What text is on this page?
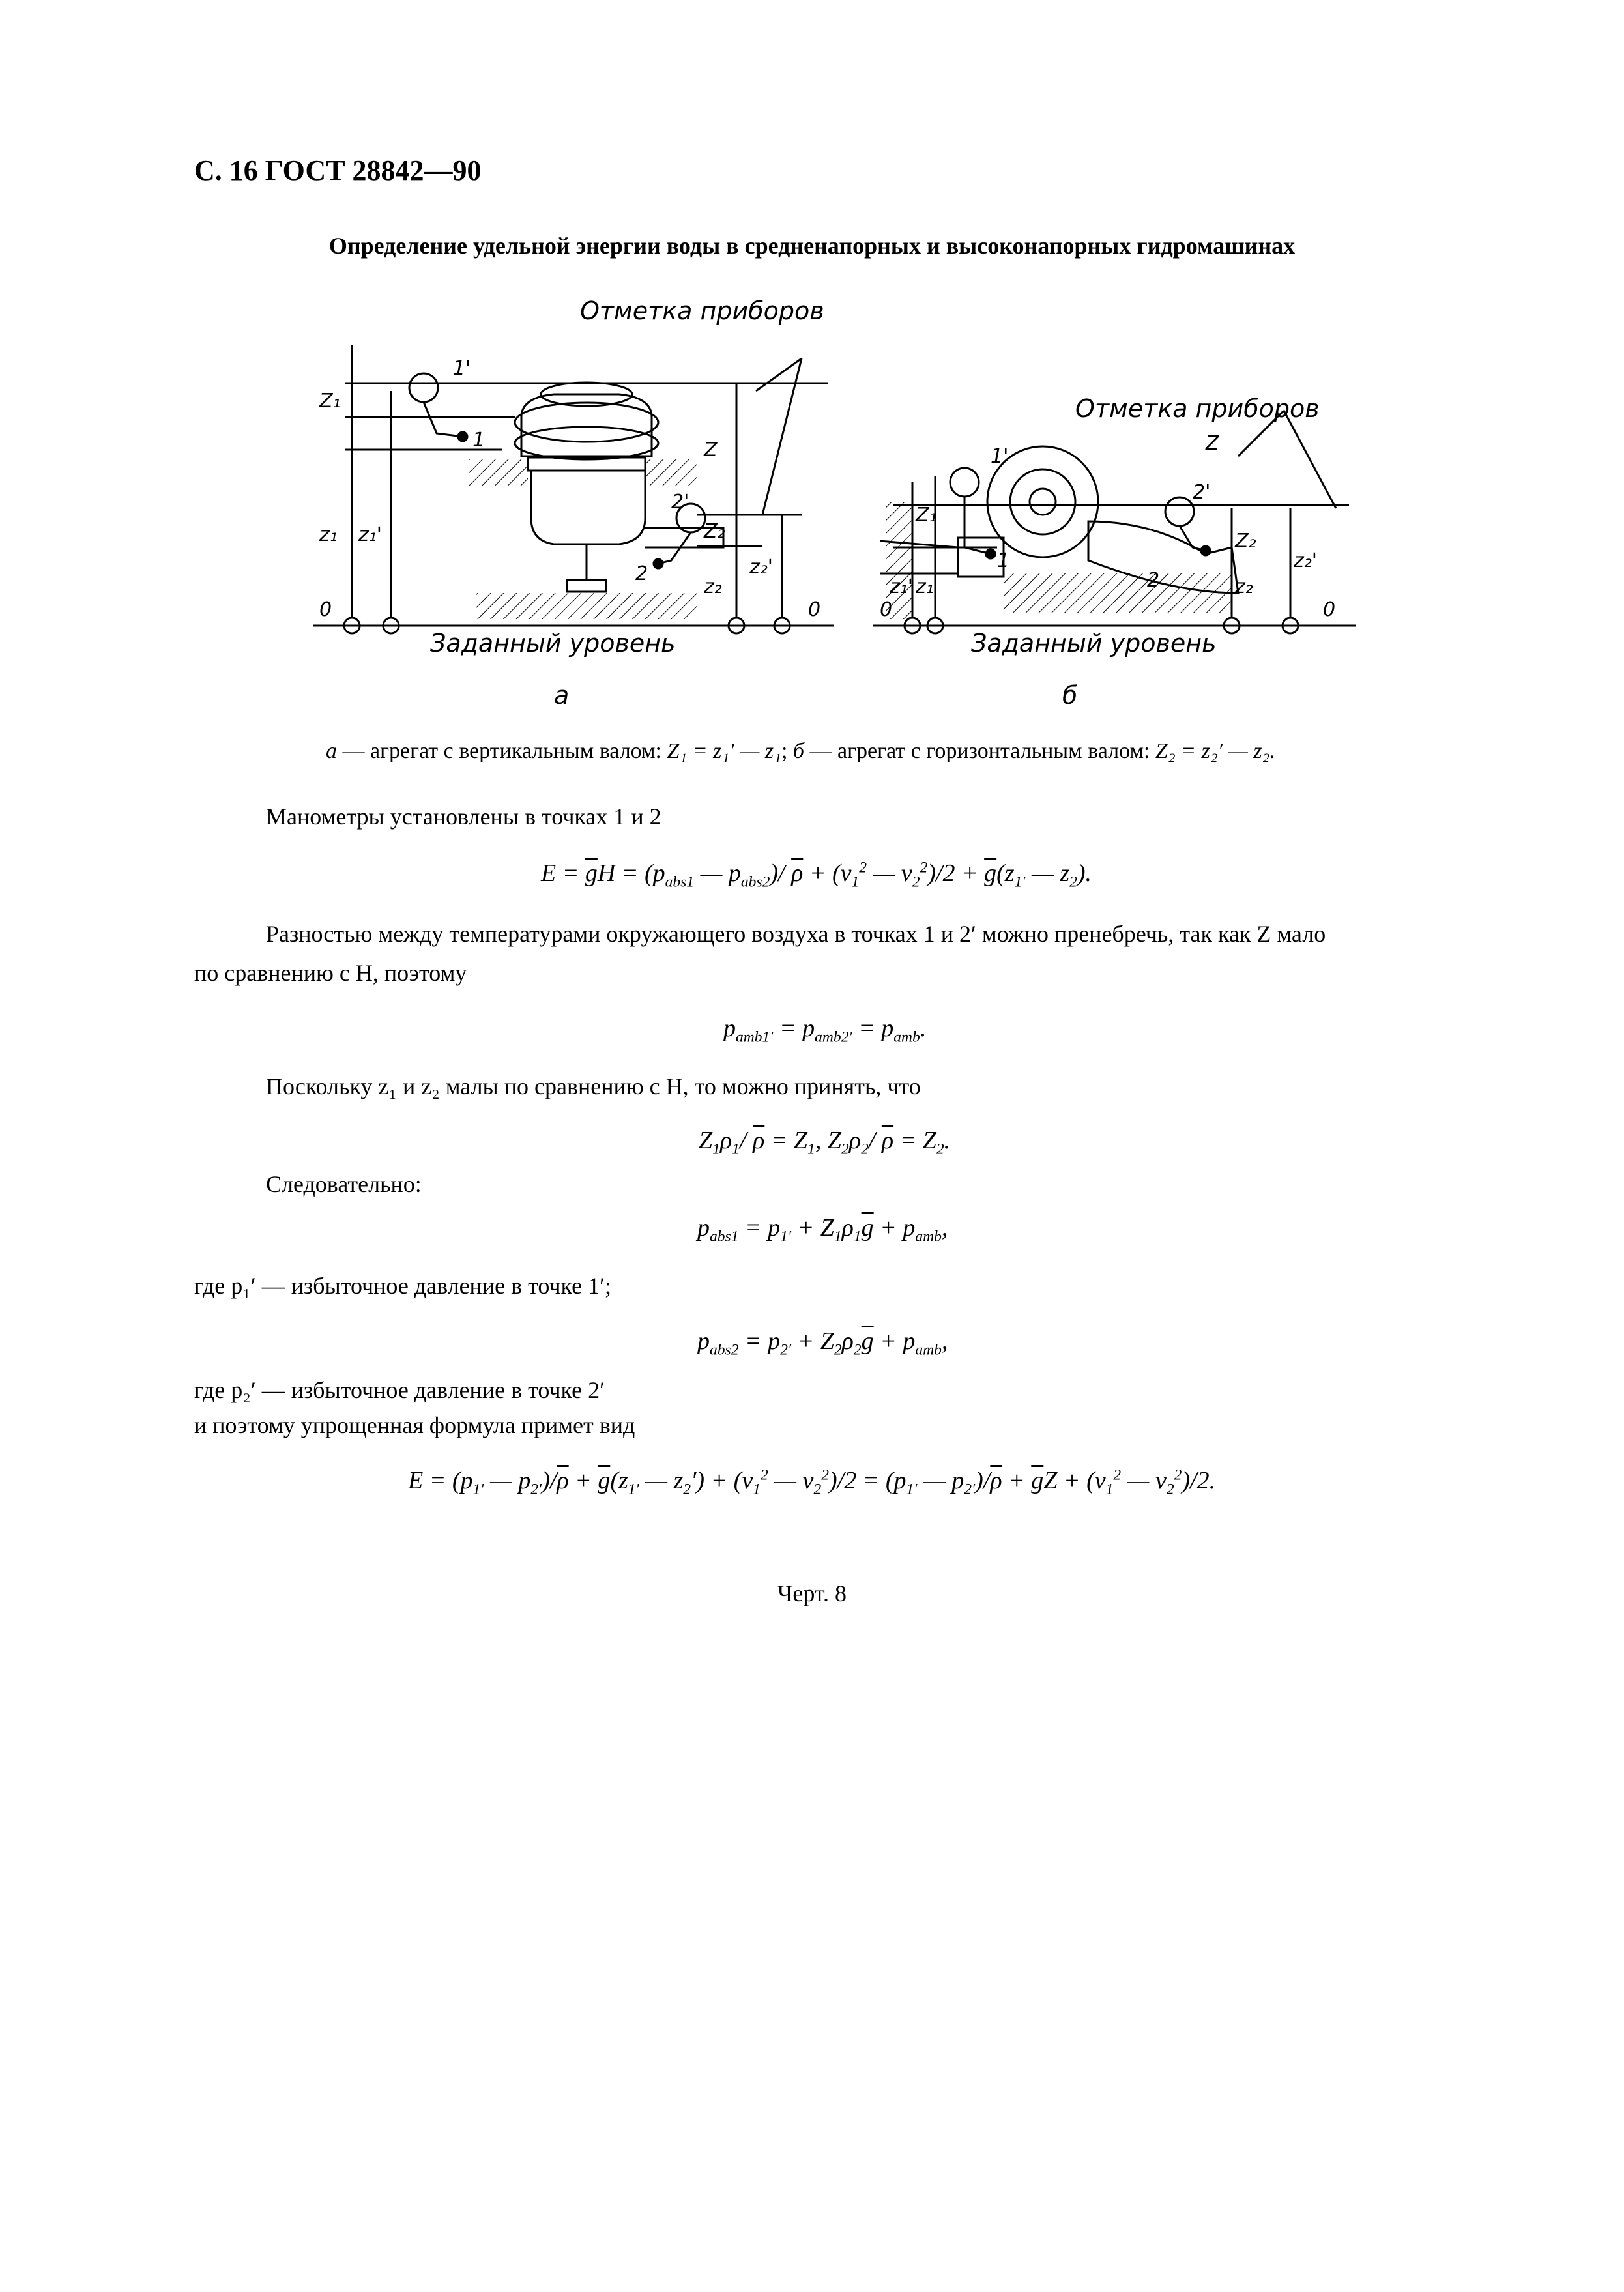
С. 16 ГОСТ 28842—90
Определение удельной энергии воды в средненапорных и высоконапорных гидромашинах
Отметка приборов
Заданный уровень
а
Отметка приборов
Заданный уровень
б
1'
1
2'
2
Z₁
z₁ z₁'
Z
Z₂
z₂
z₂'
0	0
1'
1
2'
2
Z
Z₁
z₁' z₁
Z₂
z₂
z₂'
0	0
а — агрегат с вертикальным валом: Z₁ = z₁′ — z₁; б — агрегат с горизонтальным валом: Z₂ = z₂′ — z₂.
Манометры установлены в точках 1 и 2
$E = \overline{g}H = (p_{abs1}$ — $p_{abs2})/$ $\overline{\rho} + (v_1^2$ — $v_2^2)/2 + \overline{g}(z_{1'}$ — $z_2$).
Разностью между температурами окружающего воздуха в точках 1 и 2′ можно пренебречь, так как Z мало
по сравнению с H, поэтому
$p_{amb1'} = p_{amb2'} = p_{amb}$.
Поскольку z₁ и z₂ малы по сравнению с H, то можно принять, что
$Z_1\rho_1/$ $\overline{\rho} = Z_1$, $Z_2\rho_2/$ $\overline{\rho} = Z_2$.
Следовательно:
$p_{abs1} = p_{1'} + Z_1\rho_1\overline{g} + p_{amb}$,
где p₁′ — избыточное давление в точке 1′;
$p_{abs2} = p_{2'} + Z_2\rho_2\overline{g} + p_{amb}$,
где p₂′ — избыточное давление в точке 2′
и поэтому упрощенная формула примет вид
$E = (p_{1'}$ — $p_{2'})/\overline{\rho} + \overline{g}(z_{1'}$ — $z_2') + (v_1^2$ — $v_2^2)/2 = (p_{1'}$ — $p_{2'})/\overline{\rho} + \overline{g}Z + (v_1^2$ — $v_2^2)/2$.
Черт. 8
